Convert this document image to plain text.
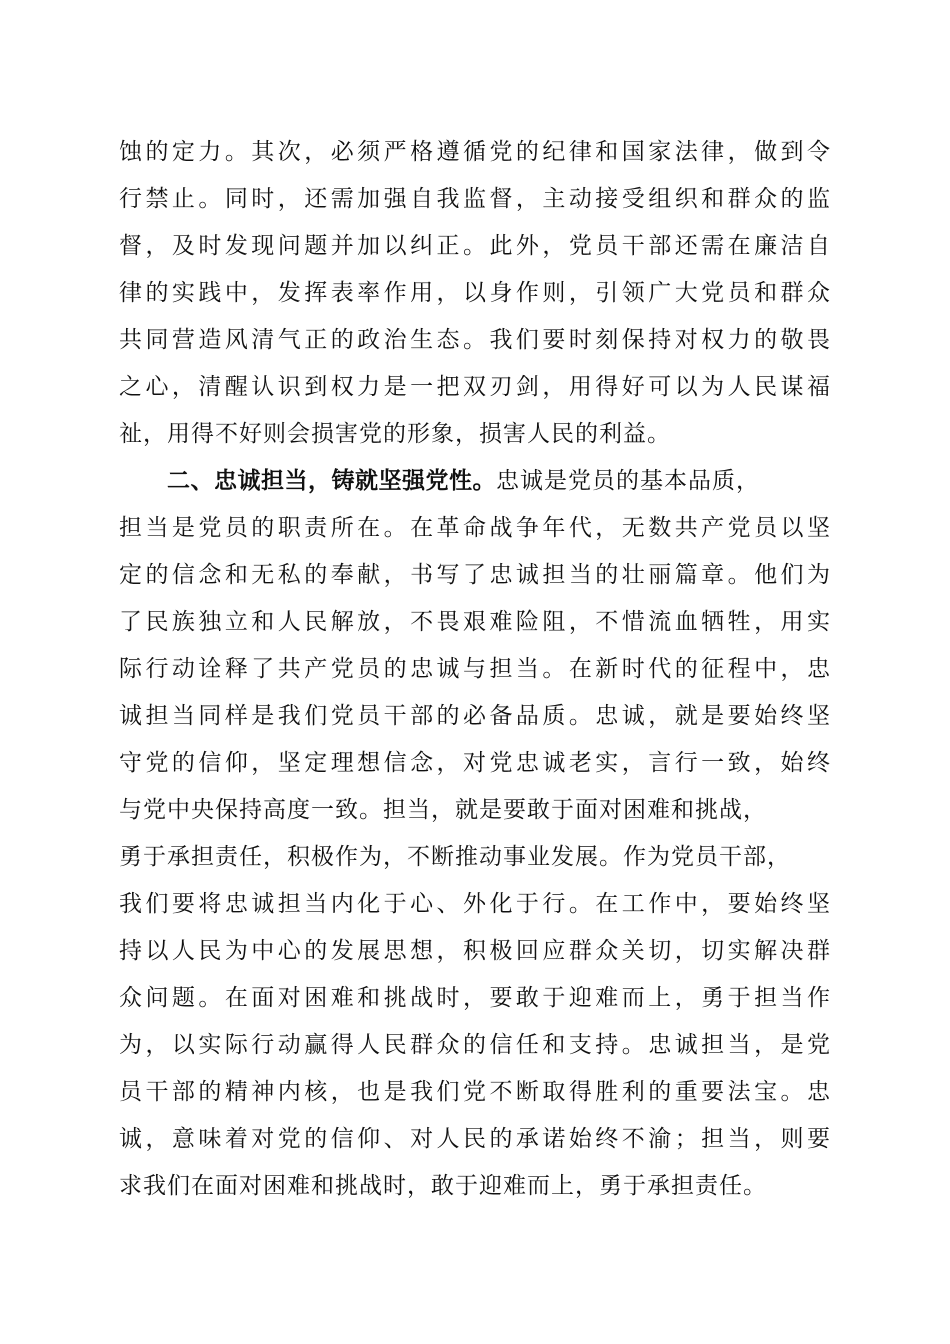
蚀的定力。其次，必须严格遵循党的纪律和国家法律，做到令
行禁止。同时，还需加强自我监督，主动接受组织和群众的监
督，及时发现问题并加以纠正。此外，党员干部还需在廉洁自
律的实践中，发挥表率作用，以身作则，引领广大党员和群众
共同营造风清气正的政治生态。我们要时刻保持对权力的敬畏
之心，清醒认识到权力是一把双刃剑，用得好可以为人民谋福
祉，用得不好则会损害党的形象，损害人民的利益。
二、忠诚担当，铸就坚强党性。忠诚是党员的基本品质，
担当是党员的职责所在。在革命战争年代，无数共产党员以坚
定的信念和无私的奉献，书写了忠诚担当的壮丽篇章。他们为
了民族独立和人民解放，不畏艰难险阻，不惜流血牺牲，用实
际行动诠释了共产党员的忠诚与担当。在新时代的征程中，忠
诚担当同样是我们党员干部的必备品质。忠诚，就是要始终坚
守党的信仰，坚定理想信念，对党忠诚老实，言行一致，始终
与党中央保持高度一致。担当，就是要敢于面对困难和挑战，
勇于承担责任，积极作为，不断推动事业发展。作为党员干部，
我们要将忠诚担当内化于心、外化于行。在工作中，要始终坚
持以人民为中心的发展思想，积极回应群众关切，切实解决群
众问题。在面对困难和挑战时，要敢于迎难而上，勇于担当作
为，以实际行动赢得人民群众的信任和支持。忠诚担当，是党
员干部的精神内核，也是我们党不断取得胜利的重要法宝。忠
诚，意味着对党的信仰、对人民的承诺始终不渝；担当，则要
求我们在面对困难和挑战时，敢于迎难而上，勇于承担责任。
